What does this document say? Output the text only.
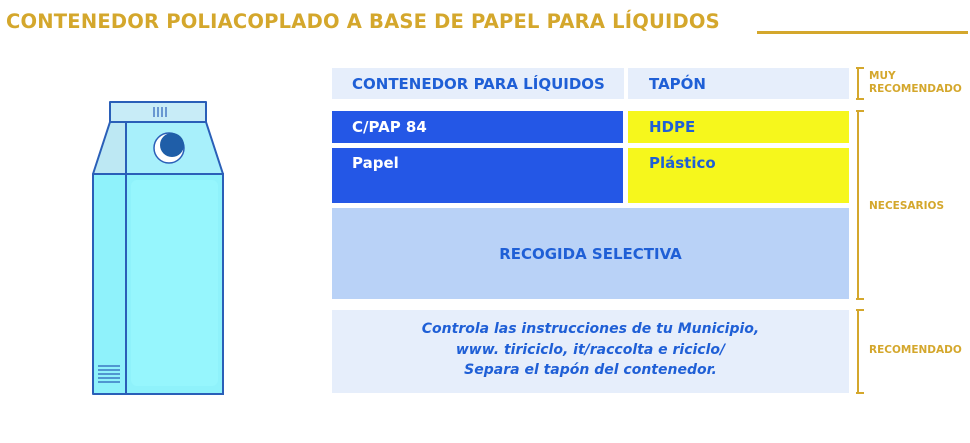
CONTENEDOR POLIACOPLADO A BASE DE PAPEL PARA LÍQUIDOS
CONTENEDOR PARA LÍQUIDOS	TAPÓN
C/PAP 84	HDPE
Papel	Plástico
RECOGIDA SELECTIVA
Controla las instrucciones de tu Municipio,
www. tiriciclo, it/raccolta e riciclo/
Separa el tapón del contenedor.
MUY
RECOMENDADO
NECESARIOS
RECOMENDADO
